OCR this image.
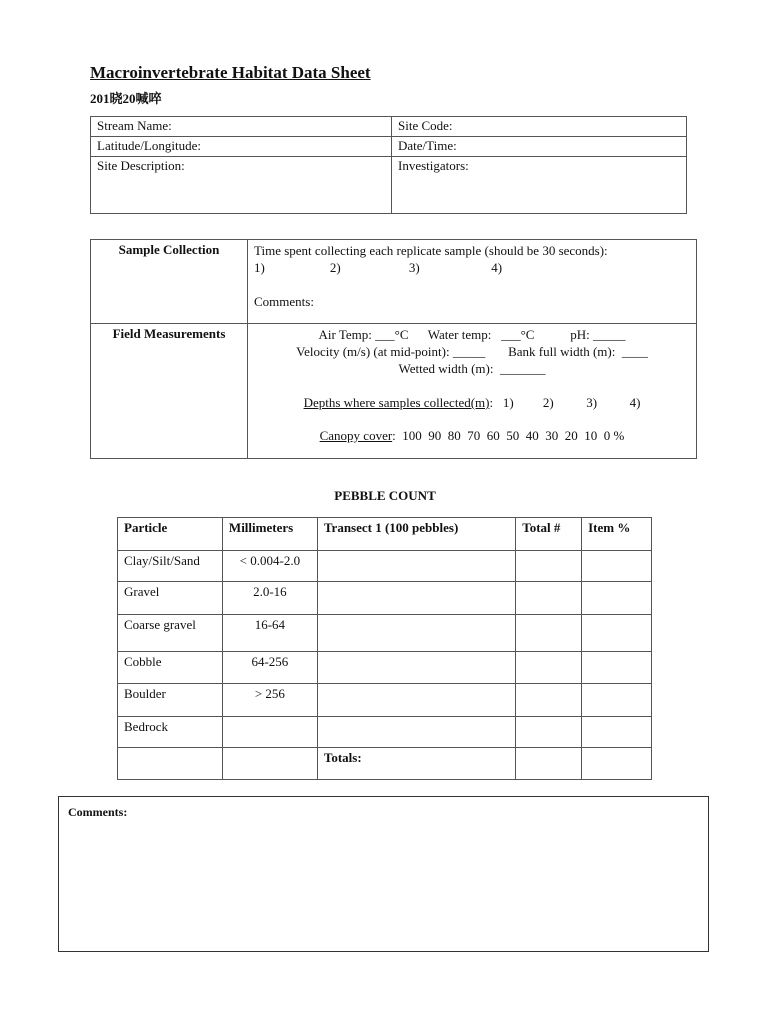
Macroinvertebrate Habitat Data Sheet
201晓20喊啐
Stream Name:	Site Code:
Latitude/Longitude:	Date/Time:
Site Description:	Investigators:
Sample Collection	Time spent collecting each replicate sample (should be 30 seconds):
1)                    2)                     3)                      4)
Comments:

Field Measurements	Air Temp: ___°C      Water temp:   ___°C           pH: _____
Velocity (m/s) (at mid-point): _____       Bank full width (m):  ____
Wetted width (m):  _______
Depths where samples collected(m):   1)         2)          3)          4)
Canopy cover:  100  90  80  70  60  50  40  30  20  10  0 %
PEBBLE COUNT
Particle	Millimeters	Transect 1 (100 pebbles)	Total #	Item %
Clay/Silt/Sand	< 0.004-2.0			
Gravel	2.0-16			
Coarse gravel	16-64			
Cobble	64-256			
Boulder	> 256			
Bedrock				
		Totals:		
Comments:
